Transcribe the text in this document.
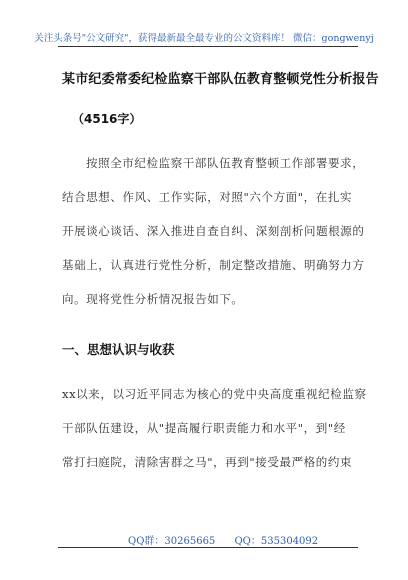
关注头条号"公文研究"，获得最新最全最专业的公文资料库！ 微信：gongwenyj
某市纪委常委纪检监察干部队伍教育整顿党性分析报告
（4516字）
按照全市纪检监察干部队伍教育整顿工作部署要求，
结合思想、作风、工作实际，对照"六个方面"，在扎实
开展谈心谈话、深入推进自查自纠、深刻剖析问题根源的
基础上，认真进行党性分析，制定整改措施、明确努力方
向。现将党性分析情况报告如下。
一、思想认识与收获
xx以来，以习近平同志为核心的党中央高度重视纪检监察
干部队伍建设，从"提高履行职责能力和水平"，到"经
常打扫庭院，清除害群之马"，再到"接受最严格的约束
QQ群：30265665 QQ：535304092
